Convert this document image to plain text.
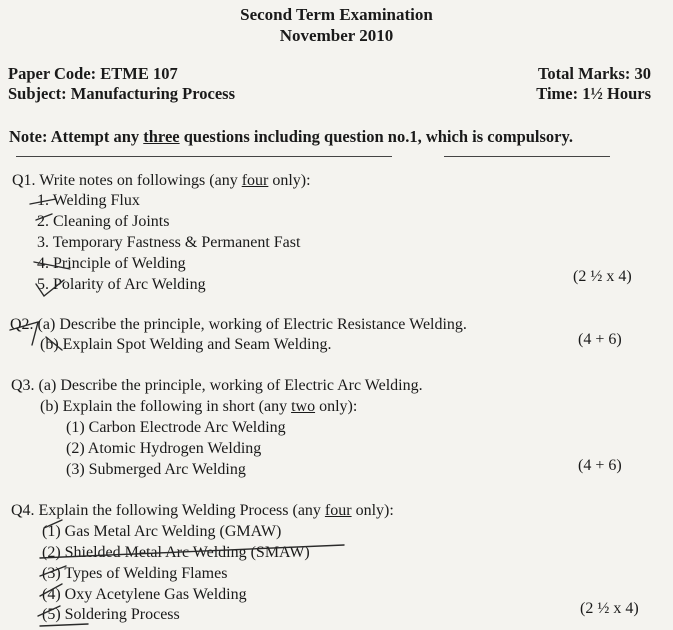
Second Term Examination
November 2010
Paper Code: ETME 107
Subject: Manufacturing Process
Total Marks: 30
Time: 1½ Hours
Note: Attempt any three questions including question no.1, which is compulsory.
Q1. Write notes on followings (any four only):
1. Welding Flux
2. Cleaning of Joints
3. Temporary Fastness & Permanent Fast
4. Principle of Welding
5. Polarity of Arc Welding	(2 ½ x 4)
Q2. (a) Describe the principle, working of Electric Resistance Welding.
(b) Explain Spot Welding and Seam Welding.	(4 + 6)
Q3. (a) Describe the principle, working of Electric Arc Welding.
(b) Explain the following in short (any two only):
(1) Carbon Electrode Arc Welding
(2) Atomic Hydrogen Welding
(3) Submerged Arc Welding	(4 + 6)
Q4. Explain the following Welding Process (any four only):
(1) Gas Metal Arc Welding (GMAW)
(2) Shielded Metal Arc Welding (SMAW)
(3) Types of Welding Flames
(4) Oxy Acetylene Gas Welding
(5) Soldering Process	(2 ½ x 4)
